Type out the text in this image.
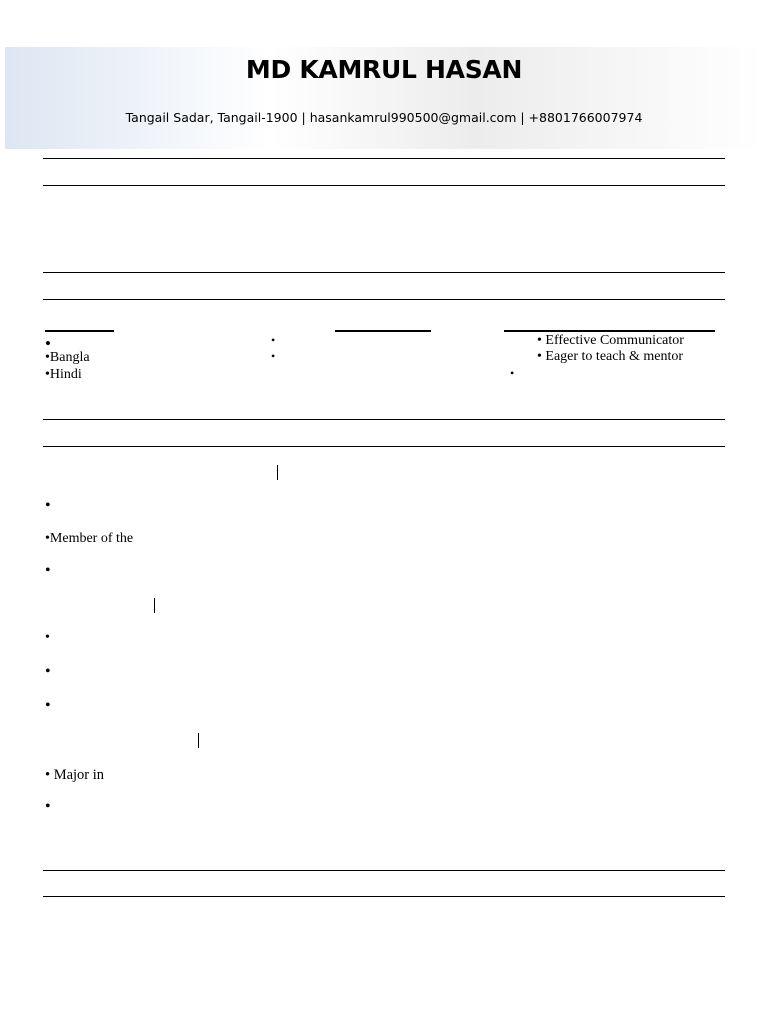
MD KAMRUL HASAN
Tangail Sadar, Tangail-1900 | hasankamrul990500@gmail.com | +8801766007974
•
•Bangla
•Hindi
•
•
• Effective Communicator
• Eager to teach & mentor
•
•
•Member of the
•
•
•
•
• Major in
•
